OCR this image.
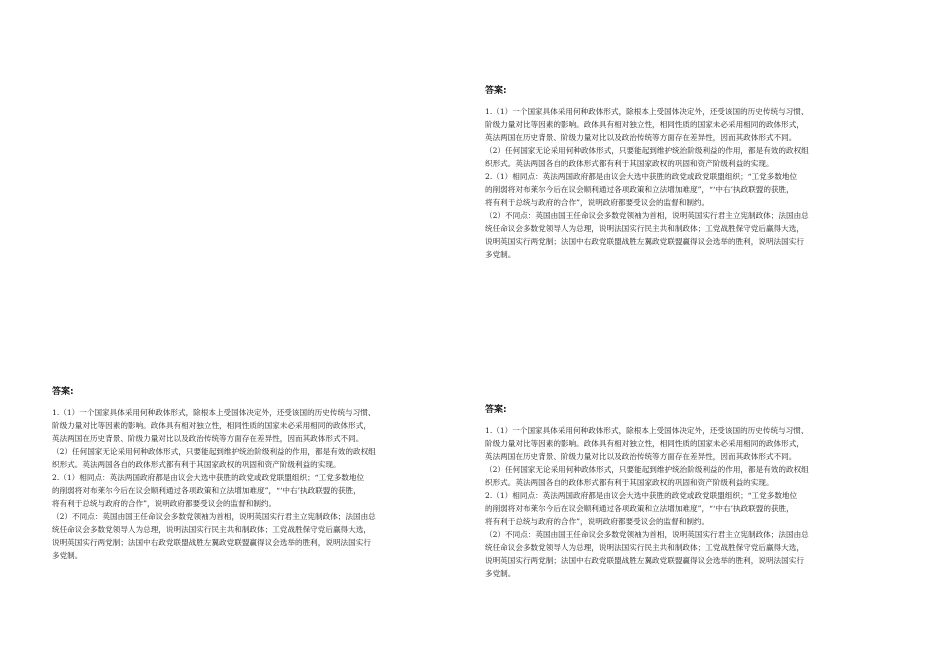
答案:

1.（1）一个国家具体采用何种政体形式，除根本上受国体决定外，还受该国的历史传统与习惯、

阶级力量对比等因素的影响。政体具有相对独立性，相同性质的国家未必采用相同的政体形式，

英法两国在历史背景、阶级力量对比以及政治传统等方面存在差异性，因而其政体形式不同。

（2）任何国家无论采用何种政体形式，只要能起到维护统治阶级利益的作用，都是有效的政权组

织形式。英法两国各自的政体形式都有利于其国家政权的巩固和资产阶级利益的实现。

2.（1）相同点：英法两国政府都是由议会大选中获胜的政党或政党联盟组织；“工党多数地位

的削弱将对布莱尔今后在议会顺利通过各项政策和立法增加难度”，“‘中右’执政联盟的获胜，

将有利于总统与政府的合作”，说明政府都要受议会的监督和制约。

（2）不同点：英国由国王任命议会多数党领袖为首相，说明英国实行君主立宪制政体；法国由总

统任命议会多数党领导人为总理，说明法国实行民主共和制政体；工党战胜保守党后赢得大选，

说明英国实行两党制；法国中右政党联盟战胜左翼政党联盟赢得议会选举的胜利，说明法国实行

多党制。

答案:

1.（1）一个国家具体采用何种政体形式，除根本上受国体决定外，还受该国的历史传统与习惯、

阶级力量对比等因素的影响。政体具有相对独立性，相同性质的国家未必采用相同的政体形式，

英法两国在历史背景、阶级力量对比以及政治传统等方面存在差异性，因而其政体形式不同。

（2）任何国家无论采用何种政体形式，只要能起到维护统治阶级利益的作用，都是有效的政权组

织形式。英法两国各自的政体形式都有利于其国家政权的巩固和资产阶级利益的实现。

2.（1）相同点：英法两国政府都是由议会大选中获胜的政党或政党联盟组织；“工党多数地位

的削弱将对布莱尔今后在议会顺利通过各项政策和立法增加难度”，“‘中右’执政联盟的获胜，

将有利于总统与政府的合作”，说明政府都要受议会的监督和制约。

（2）不同点：英国由国王任命议会多数党领袖为首相，说明英国实行君主立宪制政体；法国由总

统任命议会多数党领导人为总理，说明法国实行民主共和制政体；工党战胜保守党后赢得大选，

说明英国实行两党制；法国中右政党联盟战胜左翼政党联盟赢得议会选举的胜利，说明法国实行

多党制。

答案:

1.（1）一个国家具体采用何种政体形式，除根本上受国体决定外，还受该国的历史传统与习惯、

阶级力量对比等因素的影响。政体具有相对独立性，相同性质的国家未必采用相同的政体形式，

英法两国在历史背景、阶级力量对比以及政治传统等方面存在差异性，因而其政体形式不同。

（2）任何国家无论采用何种政体形式，只要能起到维护统治阶级利益的作用，都是有效的政权组

织形式。英法两国各自的政体形式都有利于其国家政权的巩固和资产阶级利益的实现。

2.（1）相同点：英法两国政府都是由议会大选中获胜的政党或政党联盟组织；“工党多数地位

的削弱将对布莱尔今后在议会顺利通过各项政策和立法增加难度”，“‘中右’执政联盟的获胜，

将有利于总统与政府的合作”，说明政府都要受议会的监督和制约。

（2）不同点：英国由国王任命议会多数党领袖为首相，说明英国实行君主立宪制政体；法国由总

统任命议会多数党领导人为总理，说明法国实行民主共和制政体；工党战胜保守党后赢得大选，

说明英国实行两党制；法国中右政党联盟战胜左翼政党联盟赢得议会选举的胜利，说明法国实行

多党制。
